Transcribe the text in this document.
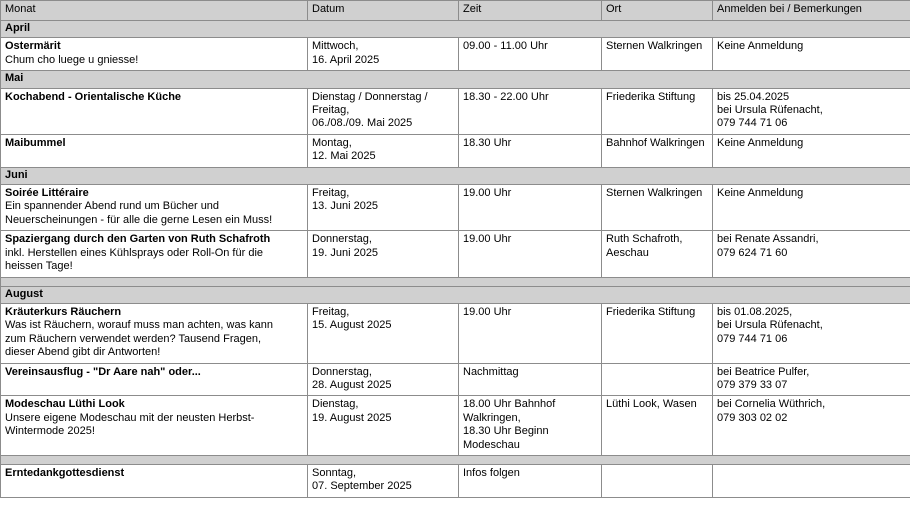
Monat	Datum	Zeit	Ort	Anmelden bei / Bemerkungen
April				

Ostermärit
Chum cho luege u gniesse!	Mittwoch,
16. April 2025	09.00 - 11.00 Uhr	Sternen Walkringen	Keine Anmeldung

Mai				

Kochabend - Orientalische Küche	Dienstag / Donnerstag /
Freitag,
06./08./09. Mai 2025	18.30 - 22.00 Uhr	Friederika Stiftung	bis 25.04.2025
bei Ursula Rüfenacht,
079 744 71 06

Maibummel	Montag,
12. Mai 2025	18.30 Uhr	Bahnhof Walkringen	Keine Anmeldung

Juni				

Soirée Littéraire
Ein spannender Abend rund um Bücher und
Neuerscheinungen - für alle die gerne Lesen ein Muss!	Freitag,
13. Juni 2025	19.00 Uhr	Sternen Walkringen	Keine Anmeldung

Spaziergang durch den Garten von Ruth Schafroth
inkl. Herstellen eines Kühlsprays oder Roll-On für die
heissen Tage!	Donnerstag,
19. Juni 2025	19.00 Uhr	Ruth Schafroth,
Aeschau	bei Renate Assandri,
079 624 71 60

August				

Kräuterkurs Räuchern
Was ist Räuchern, worauf muss man achten, was kann
zum Räuchern verwendet werden? Tausend Fragen,
dieser Abend gibt dir Antworten!	Freitag,
15. August 2025	19.00 Uhr	Friederika Stiftung	bis 01.08.2025,
bei Ursula Rüfenacht,
079 744 71 06

Vereinsausflug - "Dr Aare nah" oder...	Donnerstag,
28. August 2025	Nachmittag		bei Beatrice Pulfer,
079 379 33 07

Modeschau Lüthi Look
Unsere eigene Modeschau mit der neusten Herbst-
Wintermode 2025!	Dienstag,
19. August 2025	18.00 Uhr Bahnhof
Walkringen,
18.30 Uhr Beginn
Modeschau	Lüthi Look, Wasen	bei Cornelia Wüthrich,
079 303 02 02

Erntedankgottesdienst	Sonntag,
07. September 2025	Infos folgen		
